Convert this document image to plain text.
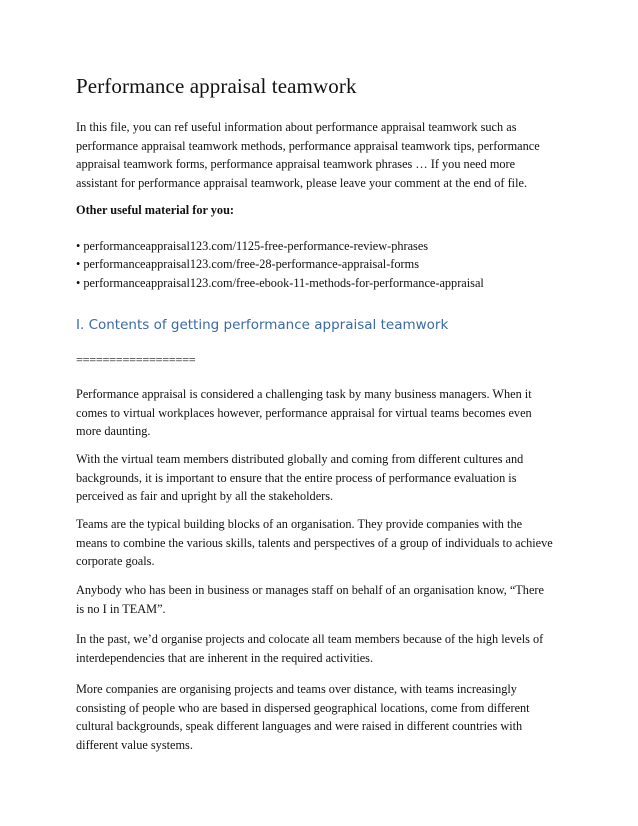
Performance appraisal teamwork

In this file, you can ref useful information about performance appraisal teamwork such as
performance appraisal teamwork methods, performance appraisal teamwork tips, performance
appraisal teamwork forms, performance appraisal teamwork phrases … If you need more
assistant for performance appraisal teamwork, please leave your comment at the end of file.

Other useful material for you:
• performanceappraisal123.com/1125-free-performance-review-phrases
• performanceappraisal123.com/free-28-performance-appraisal-forms
• performanceappraisal123.com/free-ebook-11-methods-for-performance-appraisal
I. Contents of getting performance appraisal teamwork
==================

Performance appraisal is considered a challenging task by many business managers. When it
comes to virtual workplaces however, performance appraisal for virtual teams becomes even
more daunting.

With the virtual team members distributed globally and coming from different cultures and
backgrounds, it is important to ensure that the entire process of performance evaluation is
perceived as fair and upright by all the stakeholders.

Teams are the typical building blocks of an organisation. They provide companies with the
means to combine the various skills, talents and perspectives of a group of individuals to achieve
corporate goals.

Anybody who has been in business or manages staff on behalf of an organisation know, “There
is no I in TEAM”.

In the past, we’d organise projects and colocate all team members because of the high levels of
interdependencies that are inherent in the required activities.

More companies are organising projects and teams over distance, with teams increasingly
consisting of people who are based in dispersed geographical locations, come from different
cultural backgrounds, speak different languages and were raised in different countries with
different value systems.
